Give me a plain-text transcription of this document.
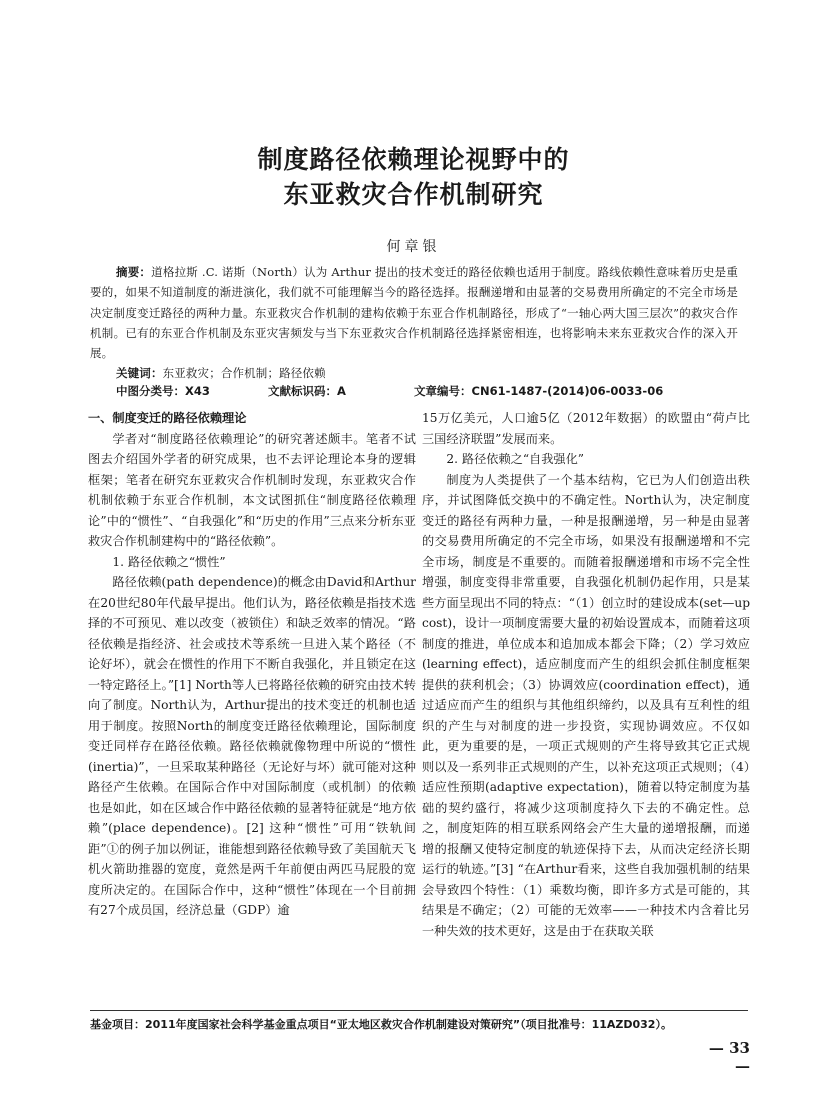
制度路径依赖理论视野中的
东亚救灾合作机制研究
何章银
摘要：道格拉斯 .C. 诺斯（North）认为 Arthur 提出的技术变迁的路径依赖也适用于制度。路线依赖性意味着历史是重要的，如果不知道制度的渐进演化，我们就不可能理解当今的路径选择。报酬递增和由显著的交易费用所确定的不完全市场是决定制度变迁路径的两种力量。东亚救灾合作机制的建构依赖于东亚合作机制路径，形成了“一轴心两大国三层次”的救灾合作机制。已有的东亚合作机制及东亚灾害频发与当下东亚救灾合作机制路径选择紧密相连，也将影响未来东亚救灾合作的深入开展。
关键词：东亚救灾；合作机制；路径依赖
中图分类号：X43	文献标识码：A	文章编号：CN61-1487-(2014)06-0033-06

一、制度变迁的路径依赖理论

学者对“制度路径依赖理论”的研究著述颇丰。笔者不试图去介绍国外学者的研究成果，也不去评论理论本身的逻辑框架；笔者在研究东亚救灾合作机制时发现，东亚救灾合作机制依赖于东亚合作机制，本文试图抓住“制度路径依赖理论”中的“惯性”、“自我强化”和“历史的作用”三点来分析东亚救灾合作机制建构中的“路径依赖”。

1. 路径依赖之“惯性”

路径依赖(path dependence)的概念由David和Arthur在20世纪80年代最早提出。他们认为，路径依赖是指技术选择的不可预见、难以改变（被锁住）和缺乏效率的情况。“路径依赖是指经济、社会或技术等系统一旦进入某个路径（不论好坏），就会在惯性的作用下不断自我强化，并且锁定在这一特定路径上。”[1] North等人已将路径依赖的研究由技术转向了制度。North认为，Arthur提出的技术变迁的机制也适用于制度。按照North的制度变迁路径依赖理论，国际制度变迁同样存在路径依赖。路径依赖就像物理中所说的“惯性(inertia)”，一旦采取某种路径（无论好与坏）就可能对这种路径产生依赖。在国际合作中对国际制度（或机制）的依赖也是如此，如在区域合作中路径依赖的显著特征就是“地方依赖”(place dependence)。[2] 这种“惯性”可用“铁轨间距”①的例子加以例证，谁能想到路径依赖导致了美国航天飞机火箭助推器的宽度，竟然是两千年前便由两匹马屁股的宽度所决定的。在国际合作中，这种“惯性”体现在一个目前拥有27个成员国，经济总量（GDP）逾

15万亿美元，人口逾5亿（2012年数据）的欧盟由“荷卢比三国经济联盟”发展而来。

2. 路径依赖之“自我强化”

制度为人类提供了一个基本结构，它已为人们创造出秩序，并试图降低交换中的不确定性。North认为，决定制度变迁的路径有两种力量，一种是报酬递增，另一种是由显著的交易费用所确定的不完全市场，如果没有报酬递增和不完全市场，制度是不重要的。而随着报酬递增和市场不完全性增强，制度变得非常重要，自我强化机制仍起作用，只是某些方面呈现出不同的特点：“（1）创立时的建设成本(set—up cost)，设计一项制度需要大量的初始设置成本，而随着这项制度的推进，单位成本和追加成本都会下降；（2）学习效应(learning effect)，适应制度而产生的组织会抓住制度框架提供的获利机会；（3）协调效应(coordination effect)，通过适应而产生的组织与其他组织缔约，以及具有互利性的组织的产生与对制度的进一步投资，实现协调效应。不仅如此，更为重要的是，一项正式规则的产生将导致其它正式规则以及一系列非正式规则的产生，以补充这项正式规则；（4）适应性预期(adaptive expectation)，随着以特定制度为基础的契约盛行，将减少这项制度持久下去的不确定性。总之，制度矩阵的相互联系网络会产生大量的递增报酬，而递增的报酬又使特定制度的轨迹保持下去，从而决定经济长期运行的轨迹。”[3] “在Arthur看来，这些自我加强机制的结果会导致四个特性：（1）乘数均衡，即许多方式是可能的，其结果是不确定；（2）可能的无效率——一种技术内含着比另一种失效的技术更好，这是由于在获取关联

基金项目：2011年度国家社会科学基金重点项目“亚太地区救灾合作机制建设对策研究”（项目批准号：11AZD032）。
— 33 —
